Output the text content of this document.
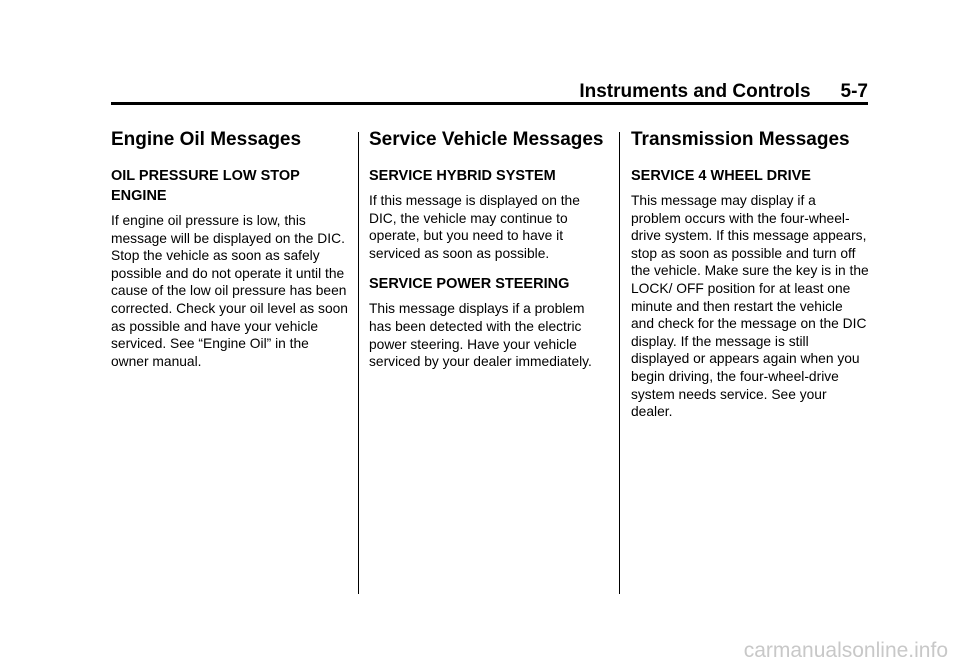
Instruments and Controls 5-7
Engine Oil Messages
OIL PRESSURE LOW STOP ENGINE

If engine oil pressure is low, this message will be displayed on the DIC. Stop the vehicle as soon as safely possible and do not operate it until the cause of the low oil pressure has been corrected. Check your oil level as soon as possible and have your vehicle serviced. See “Engine Oil” in the owner manual.

Service Vehicle Messages
SERVICE HYBRID SYSTEM

If this message is displayed on the DIC, the vehicle may continue to operate, but you need to have it serviced as soon as possible.

SERVICE POWER STEERING

This message displays if a problem has been detected with the electric power steering. Have your vehicle serviced by your dealer immediately.

Transmission Messages
SERVICE 4 WHEEL DRIVE

This message may display if a problem occurs with the four-wheel-drive system. If this message appears, stop as soon as possible and turn off the vehicle. Make sure the key is in the LOCK/ OFF position for at least one minute and then restart the vehicle and check for the message on the DIC display. If the message is still displayed or appears again when you begin driving, the four-wheel-drive system needs service. See your dealer.

carmanualsonline.info
